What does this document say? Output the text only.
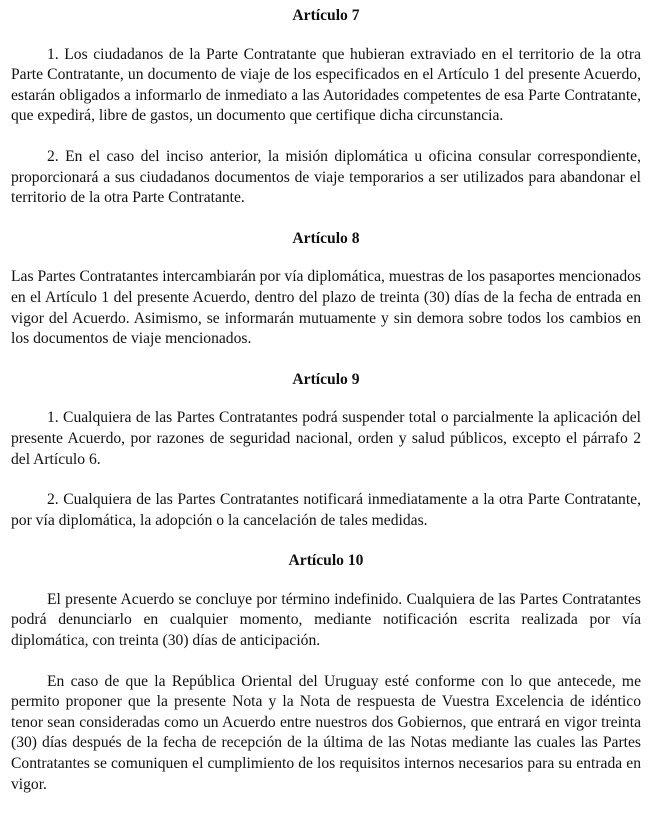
Artículo 7

1. Los ciudadanos de la Parte Contratante que hubieran extraviado en el territorio de la otra Parte Contratante, un documento de viaje de los especificados en el Artículo 1 del presente Acuerdo, estarán obligados a informarlo de inmediato a las Autoridades competentes de esa Parte Contratante, que expedirá, libre de gastos, un documento que certifique dicha circunstancia.

2. En el caso del inciso anterior, la misión diplomática u oficina consular correspondiente, proporcionará a sus ciudadanos documentos de viaje temporarios a ser utilizados para abandonar el territorio de la otra Parte Contratante.

Artículo 8

Las Partes Contratantes intercambiarán por vía diplomática, muestras de los pasaportes mencionados en el Artículo 1 del presente Acuerdo, dentro del plazo de treinta (30) días de la fecha de entrada en vigor del Acuerdo. Asimismo, se informarán mutuamente y sin demora sobre todos los cambios en los documentos de viaje mencionados.

Artículo 9

1. Cualquiera de las Partes Contratantes podrá suspender total o parcialmente la aplicación del presente Acuerdo, por razones de seguridad nacional, orden y salud públicos, excepto el párrafo 2 del Artículo 6.

2. Cualquiera de las Partes Contratantes notificará inmediatamente a la otra Parte Contratante, por vía diplomática, la adopción o la cancelación de tales medidas.

Artículo 10

El presente Acuerdo se concluye por término indefinido. Cualquiera de las Partes Contratantes podrá denunciarlo en cualquier momento, mediante notificación escrita realizada por vía diplomática, con treinta (30) días de anticipación.

En caso de que la República Oriental del Uruguay esté conforme con lo que antecede, me permito proponer que la presente Nota y la Nota de respuesta de Vuestra Excelencia de idéntico tenor sean consideradas como un Acuerdo entre nuestros dos Gobiernos, que entrará en vigor treinta (30) días después de la fecha de recepción de la última de las Notas mediante las cuales las Partes Contratantes se comuniquen el cumplimiento de los requisitos internos necesarios para su entrada en vigor.
